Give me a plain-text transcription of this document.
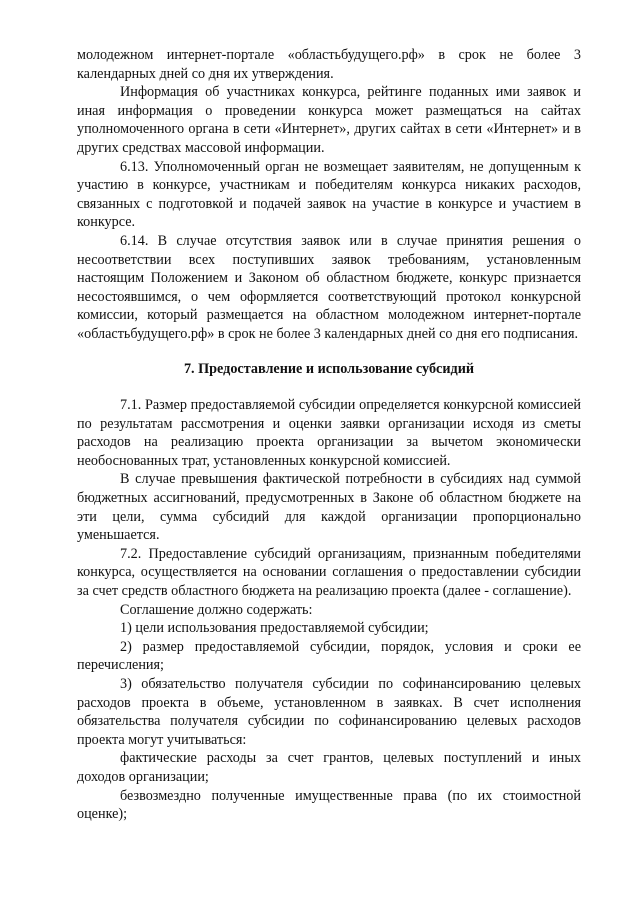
молодежном интернет-портале «областьбудущего.рф» в срок не более 3 календарных дней со дня их утверждения.

Информация об участниках конкурса, рейтинге поданных ими заявок и иная информация о проведении конкурса может размещаться на сайтах уполномоченного органа в сети «Интернет», других сайтах в сети «Интернет» и в других средствах массовой информации.

6.13. Уполномоченный орган не возмещает заявителям, не допущенным к участию в конкурсе, участникам и победителям конкурса никаких расходов, связанных с подготовкой и подачей заявок на участие в конкурсе и участием в конкурсе.

6.14. В случае отсутствия заявок или в случае принятия решения о несоответствии всех поступивших заявок требованиям, установленным настоящим Положением и Законом об областном бюджете, конкурс признается несостоявшимся, о чем оформляется соответствующий протокол конкурсной комиссии, который размещается на областном молодежном интернет-портале «областьбудущего.рф» в срок не более 3 календарных дней со дня его подписания.

7. Предоставление и использование субсидий

7.1. Размер предоставляемой субсидии определяется конкурсной комиссией по результатам рассмотрения и оценки заявки организации исходя из сметы расходов на реализацию проекта организации за вычетом экономически необоснованных трат, установленных конкурсной комиссией.

В случае превышения фактической потребности в субсидиях над суммой бюджетных ассигнований, предусмотренных в Законе об областном бюджете на эти цели, сумма субсидий для каждой организации пропорционально уменьшается.

7.2. Предоставление субсидий организациям, признанным победителями конкурса, осуществляется на основании соглашения о предоставлении субсидии за счет средств областного бюджета на реализацию проекта (далее - соглашение).

Соглашение должно содержать:

1) цели использования предоставляемой субсидии;

2) размер предоставляемой субсидии, порядок, условия и сроки ее перечисления;

3) обязательство получателя субсидии по софинансированию целевых расходов проекта в объеме, установленном в заявках. В счет исполнения обязательства получателя субсидии по софинансированию целевых расходов проекта могут учитываться:

фактические расходы за счет грантов, целевых поступлений и иных доходов организации;

безвозмездно полученные имущественные права (по их стоимостной оценке);
